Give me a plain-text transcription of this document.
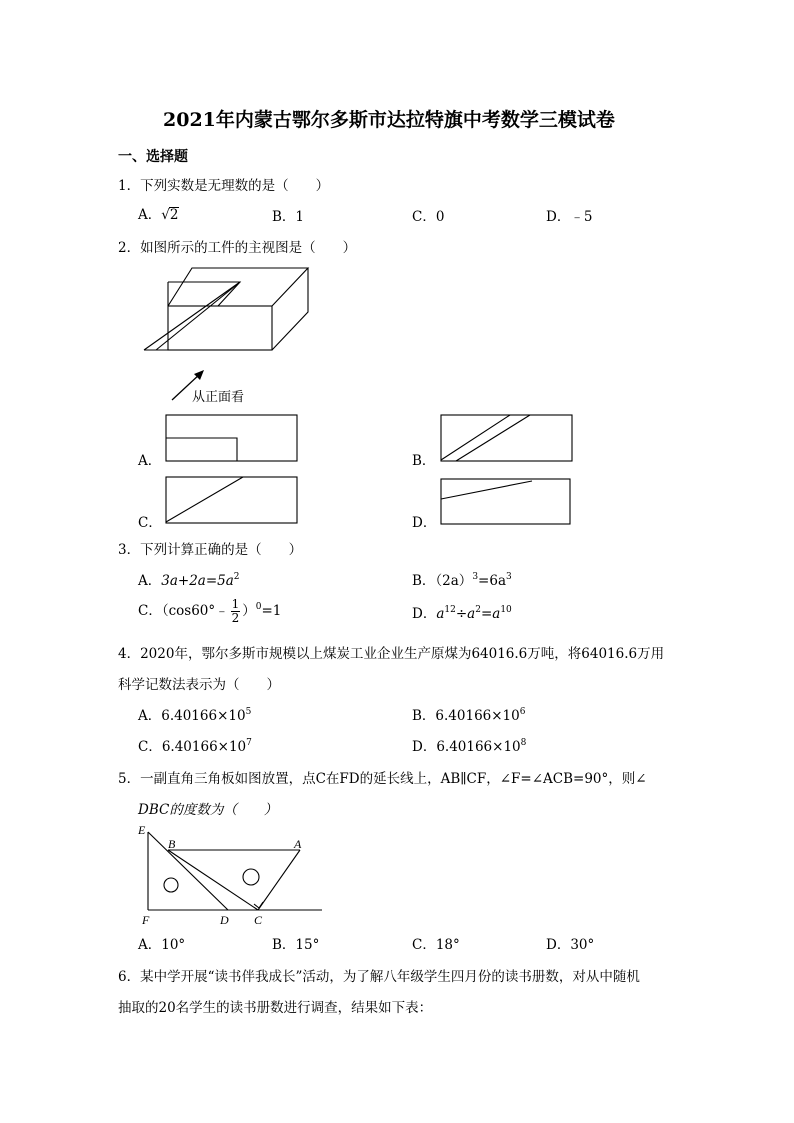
2021年内蒙古鄂尔多斯市达拉特旗中考数学三模试卷
一、选择题
1．下列实数是无理数的是（　　）
A．√2	B．1	C．0	D．﹣5
2．如图所示的工件的主视图是（　　）
从正面看
A．	B．
C．	D．
3．下列计算正确的是（　　）
A．$3a+2a=5a^2$	B．$(2a)^3=6a^3$
C．（cos60°﹣ $\frac{1}{2} )^0=1$	D．$a^{12}\div a^2=a^{10}$
4．2020年，鄂尔多斯市规模以上煤炭工业企业生产原煤为64016.6万吨，将64016.6万用
科学记数法表示为（　　）
A．$6.40166\times 10^5$	B．$6.40166\times 10^6$
C．$6.40166\times 10^7$	D．$6.40166\times 10^8$
5．一副直角三角板如图放置，点C在FD的延长线上，AB∥CF，∠F=∠ACB=90°，则∠
DBC的度数为（　　）
E
B	A
F	D C
A．10°	B．15°	C．18°	D．30°
6．某中学开展“读书伴我成长”活动，为了解八年级学生四月份的读书册数，对从中随机
抽取的20名学生的读书册数进行调查，结果如下表：
